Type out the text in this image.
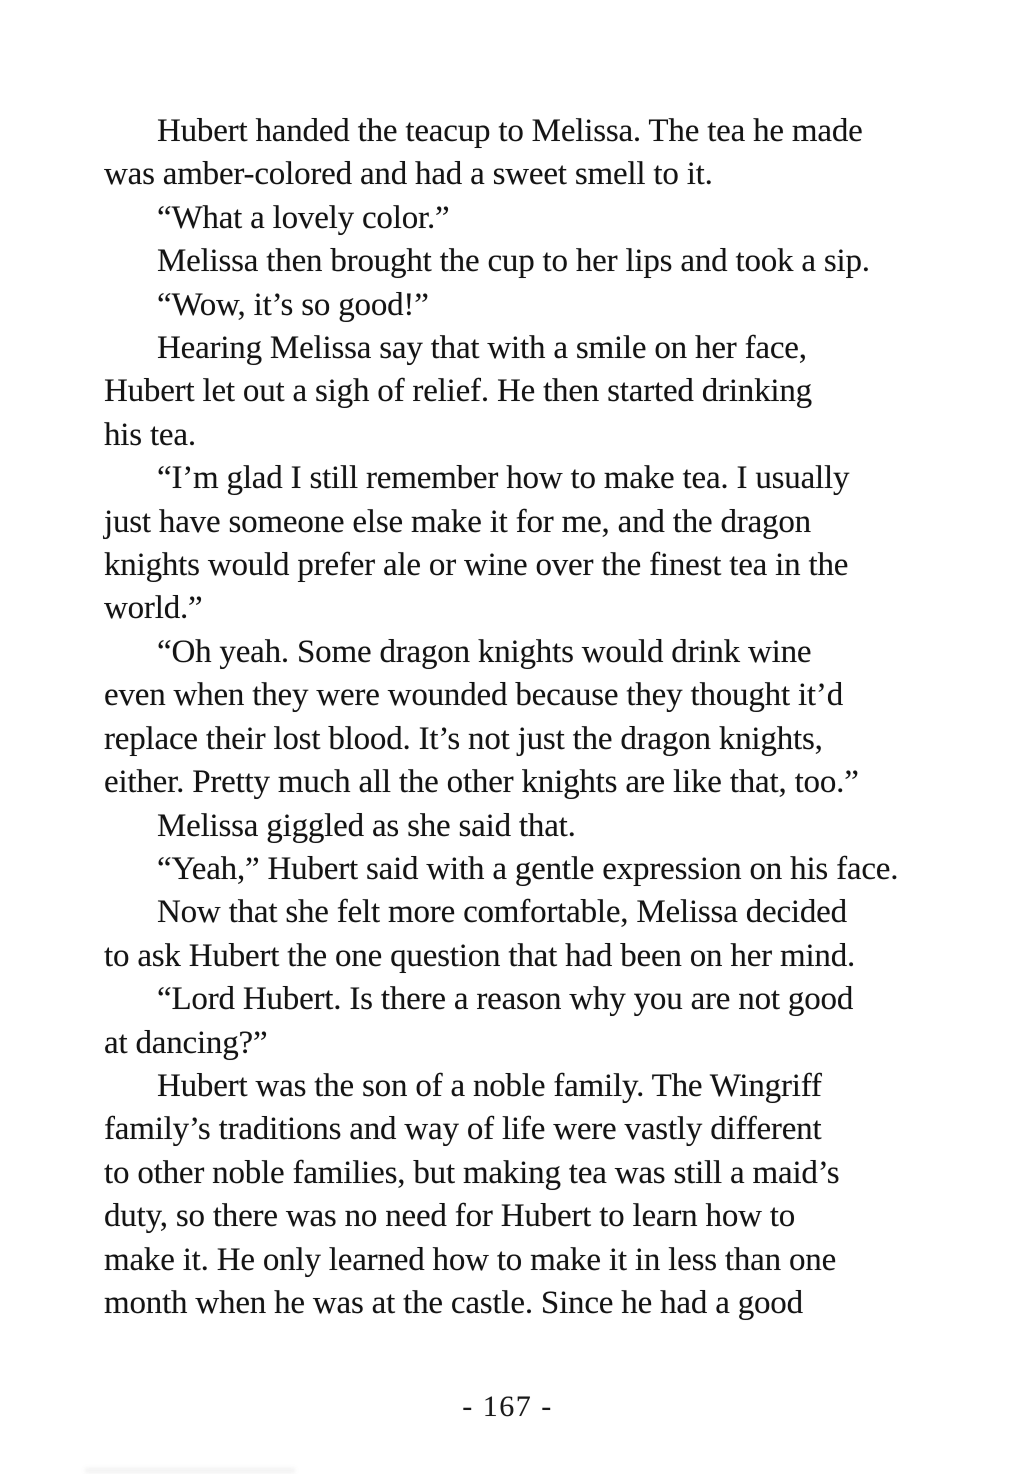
Hubert handed the teacup to Melissa. The tea he made
was amber-colored and had a sweet smell to it.
“What a lovely color.”
Melissa then brought the cup to her lips and took a sip.
“Wow, it’s so good!”
Hearing Melissa say that with a smile on her face,
Hubert let out a sigh of relief. He then started drinking
his tea.
“I’m glad I still remember how to make tea. I usually
just have someone else make it for me, and the dragon
knights would prefer ale or wine over the finest tea in the
world.”
“Oh yeah. Some dragon knights would drink wine
even when they were wounded because they thought it’d
replace their lost blood. It’s not just the dragon knights,
either. Pretty much all the other knights are like that, too.”
Melissa giggled as she said that.
“Yeah,” Hubert said with a gentle expression on his face.
Now that she felt more comfortable, Melissa decided
to ask Hubert the one question that had been on her mind.
“Lord Hubert. Is there a reason why you are not good
at dancing?”
Hubert was the son of a noble family. The Wingriff
family’s traditions and way of life were vastly different
to other noble families, but making tea was still a maid’s
duty, so there was no need for Hubert to learn how to
make it. He only learned how to make it in less than one
month when he was at the castle. Since he had a good
- 167 -
